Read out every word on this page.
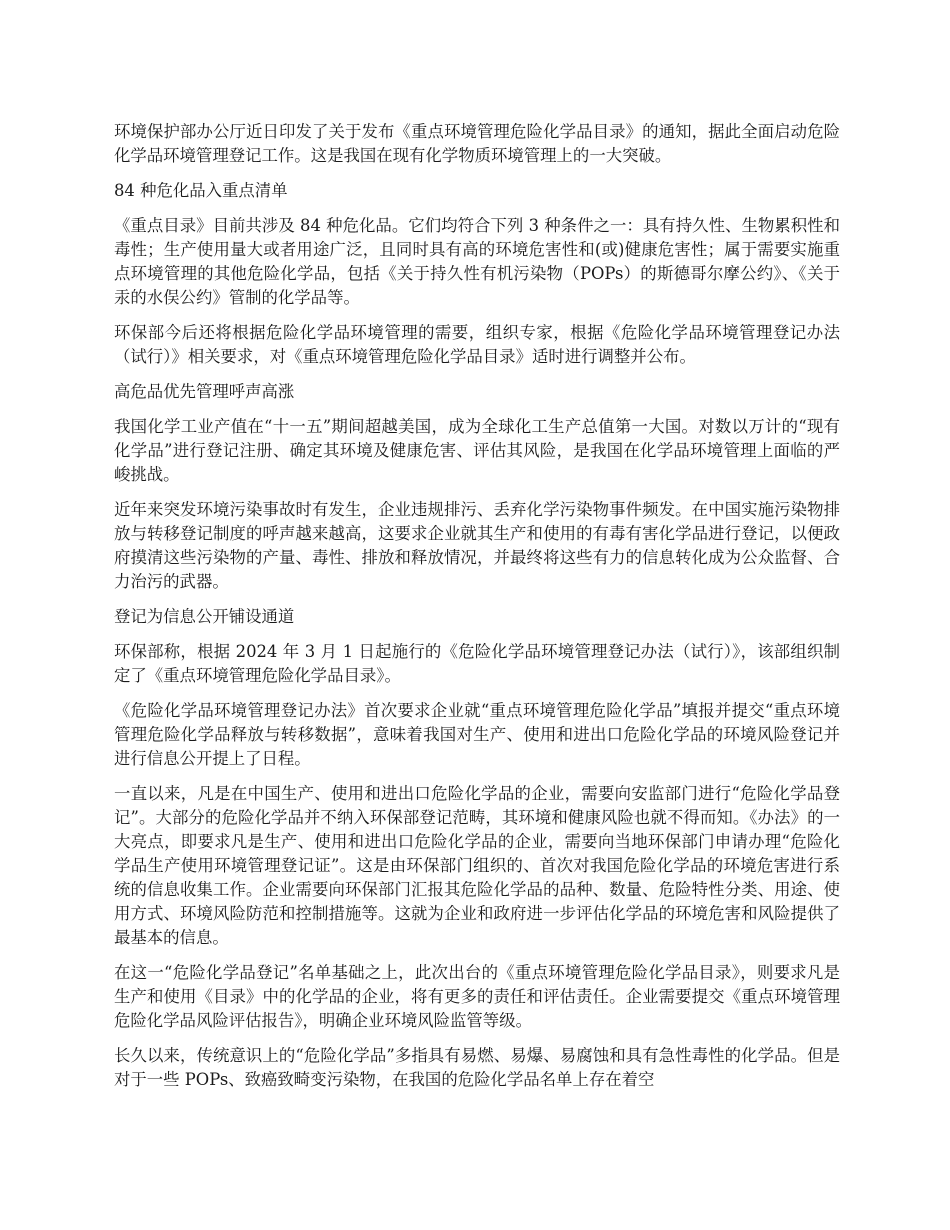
环境保护部办公厅近日印发了关于发布《重点环境管理危险化学品目录》的通知，据此全面启动危险化学品环境管理登记工作。这是我国在现有化学物质环境管理上的一大突破。

84 种危化品入重点清单

《重点目录》目前共涉及 84 种危化品。它们均符合下列 3 种条件之一：具有持久性、生物累积性和毒性；生产使用量大或者用途广泛，且同时具有高的环境危害性和(或)健康危害性；属于需要实施重点环境管理的其他危险化学品，包括《关于持久性有机污染物（POPs）的斯德哥尔摩公约》、《关于汞的水俣公约》管制的化学品等。

环保部今后还将根据危险化学品环境管理的需要，组织专家，根据《危险化学品环境管理登记办法（试行）》相关要求，对《重点环境管理危险化学品目录》适时进行调整并公布。

高危品优先管理呼声高涨

我国化学工业产值在“十一五”期间超越美国，成为全球化工生产总值第一大国。对数以万计的“现有化学品”进行登记注册、确定其环境及健康危害、评估其风险，是我国在化学品环境管理上面临的严峻挑战。

近年来突发环境污染事故时有发生，企业违规排污、丢弃化学污染物事件频发。在中国实施污染物排放与转移登记制度的呼声越来越高，这要求企业就其生产和使用的有毒有害化学品进行登记，以便政府摸清这些污染物的产量、毒性、排放和释放情况，并最终将这些有力的信息转化成为公众监督、合力治污的武器。

登记为信息公开铺设通道

环保部称，根据 2024 年 3 月 1 日起施行的《危险化学品环境管理登记办法（试行）》，该部组织制定了《重点环境管理危险化学品目录》。

《危险化学品环境管理登记办法》首次要求企业就“重点环境管理危险化学品”填报并提交“重点环境管理危险化学品释放与转移数据”，意味着我国对生产、使用和进出口危险化学品的环境风险登记并进行信息公开提上了日程。

一直以来，凡是在中国生产、使用和进出口危险化学品的企业，需要向安监部门进行“危险化学品登记”。大部分的危险化学品并不纳入环保部登记范畴，其环境和健康风险也就不得而知。《办法》的一大亮点，即要求凡是生产、使用和进出口危险化学品的企业，需要向当地环保部门申请办理“危险化学品生产使用环境管理登记证”。这是由环保部门组织的、首次对我国危险化学品的环境危害进行系统的信息收集工作。企业需要向环保部门汇报其危险化学品的品种、数量、危险特性分类、用途、使用方式、环境风险防范和控制措施等。这就为企业和政府进一步评估化学品的环境危害和风险提供了最基本的信息。

在这一“危险化学品登记”名单基础之上，此次出台的《重点环境管理危险化学品目录》，则要求凡是生产和使用《目录》中的化学品的企业，将有更多的责任和评估责任。企业需要提交《重点环境管理危险化学品风险评估报告》，明确企业环境风险监管等级。

长久以来，传统意识上的“危险化学品”多指具有易燃、易爆、易腐蚀和具有急性毒性的化学品。但是对于一些 POPs、致癌致畸变污染物，在我国的危险化学品名单上存在着空
